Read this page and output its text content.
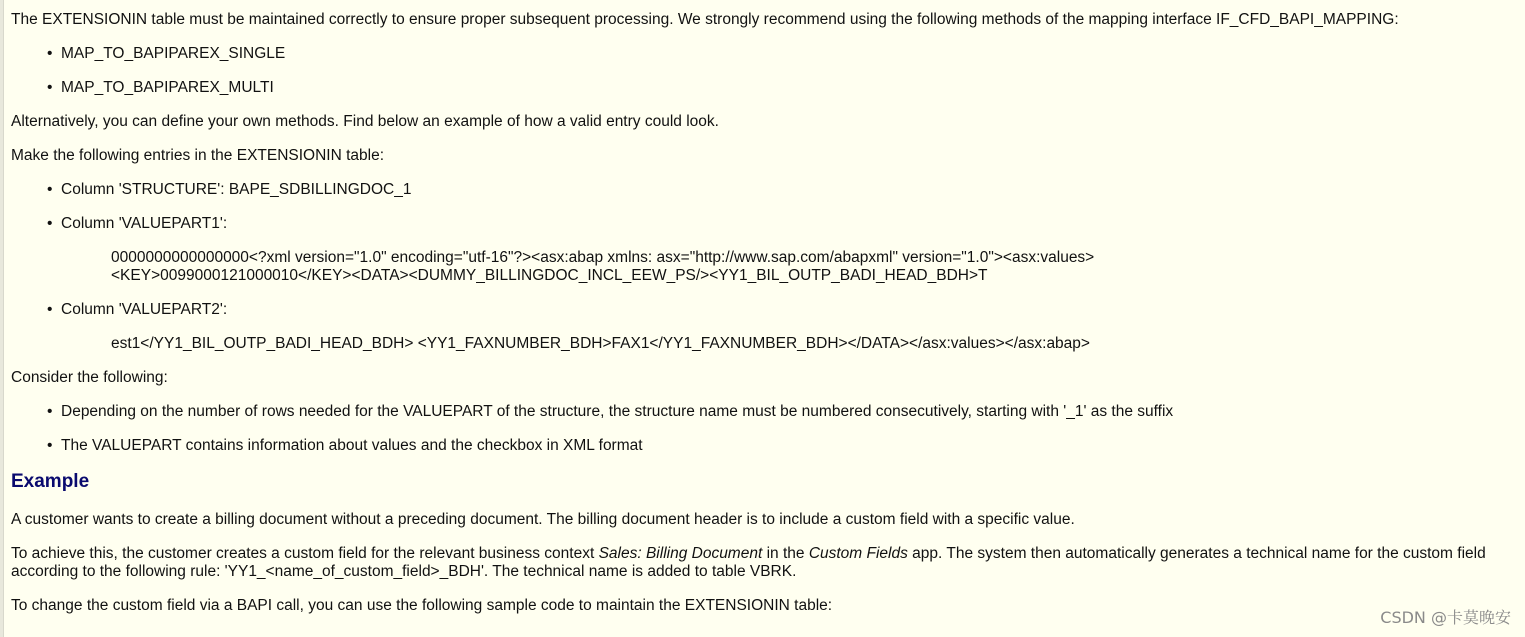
The EXTENSIONIN table must be maintained correctly to ensure proper subsequent processing. We strongly recommend using the following methods of the mapping interface IF_CFD_BAPI_MAPPING:

• MAP_TO_BAPIPAREX_SINGLE
• MAP_TO_BAPIPAREX_MULTI

Alternatively, you can define your own methods. Find below an example of how a valid entry could look.

Make the following entries in the EXTENSIONIN table:

• Column 'STRUCTURE': BAPE_SDBILLINGDOC_1
• Column 'VALUEPART1':
0000000000000000<?xml version="1.0" encoding="utf-16"?><asx:abap xmlns: asx="http://www.sap.com/abapxml" version="1.0"><asx:values> <KEY>0099000121000010</KEY><DATA><DUMMY_BILLINGDOC_INCL_EEW_PS/><YY1_BIL_OUTP_BADI_HEAD_BDH>T
• Column 'VALUEPART2':
est1</YY1_BIL_OUTP_BADI_HEAD_BDH> <YY1_FAXNUMBER_BDH>FAX1</YY1_FAXNUMBER_BDH></DATA></asx:values></asx:abap>

Consider the following:

• Depending on the number of rows needed for the VALUEPART of the structure, the structure name must be numbered consecutively, starting with '_1' as the suffix
• The VALUEPART contains information about values and the checkbox in XML format
Example

A customer wants to create a billing document without a preceding document. The billing document header is to include a custom field with a specific value.

To achieve this, the customer creates a custom field for the relevant business context Sales: Billing Document in the Custom Fields app. The system then automatically generates a technical name for the custom field according to the following rule: 'YY1_<name_of_custom_field>_BDH'. The technical name is added to table VBRK.

To change the custom field via a BAPI call, you can use the following sample code to maintain the EXTENSIONIN table:

CSDN @卡莫晚安
